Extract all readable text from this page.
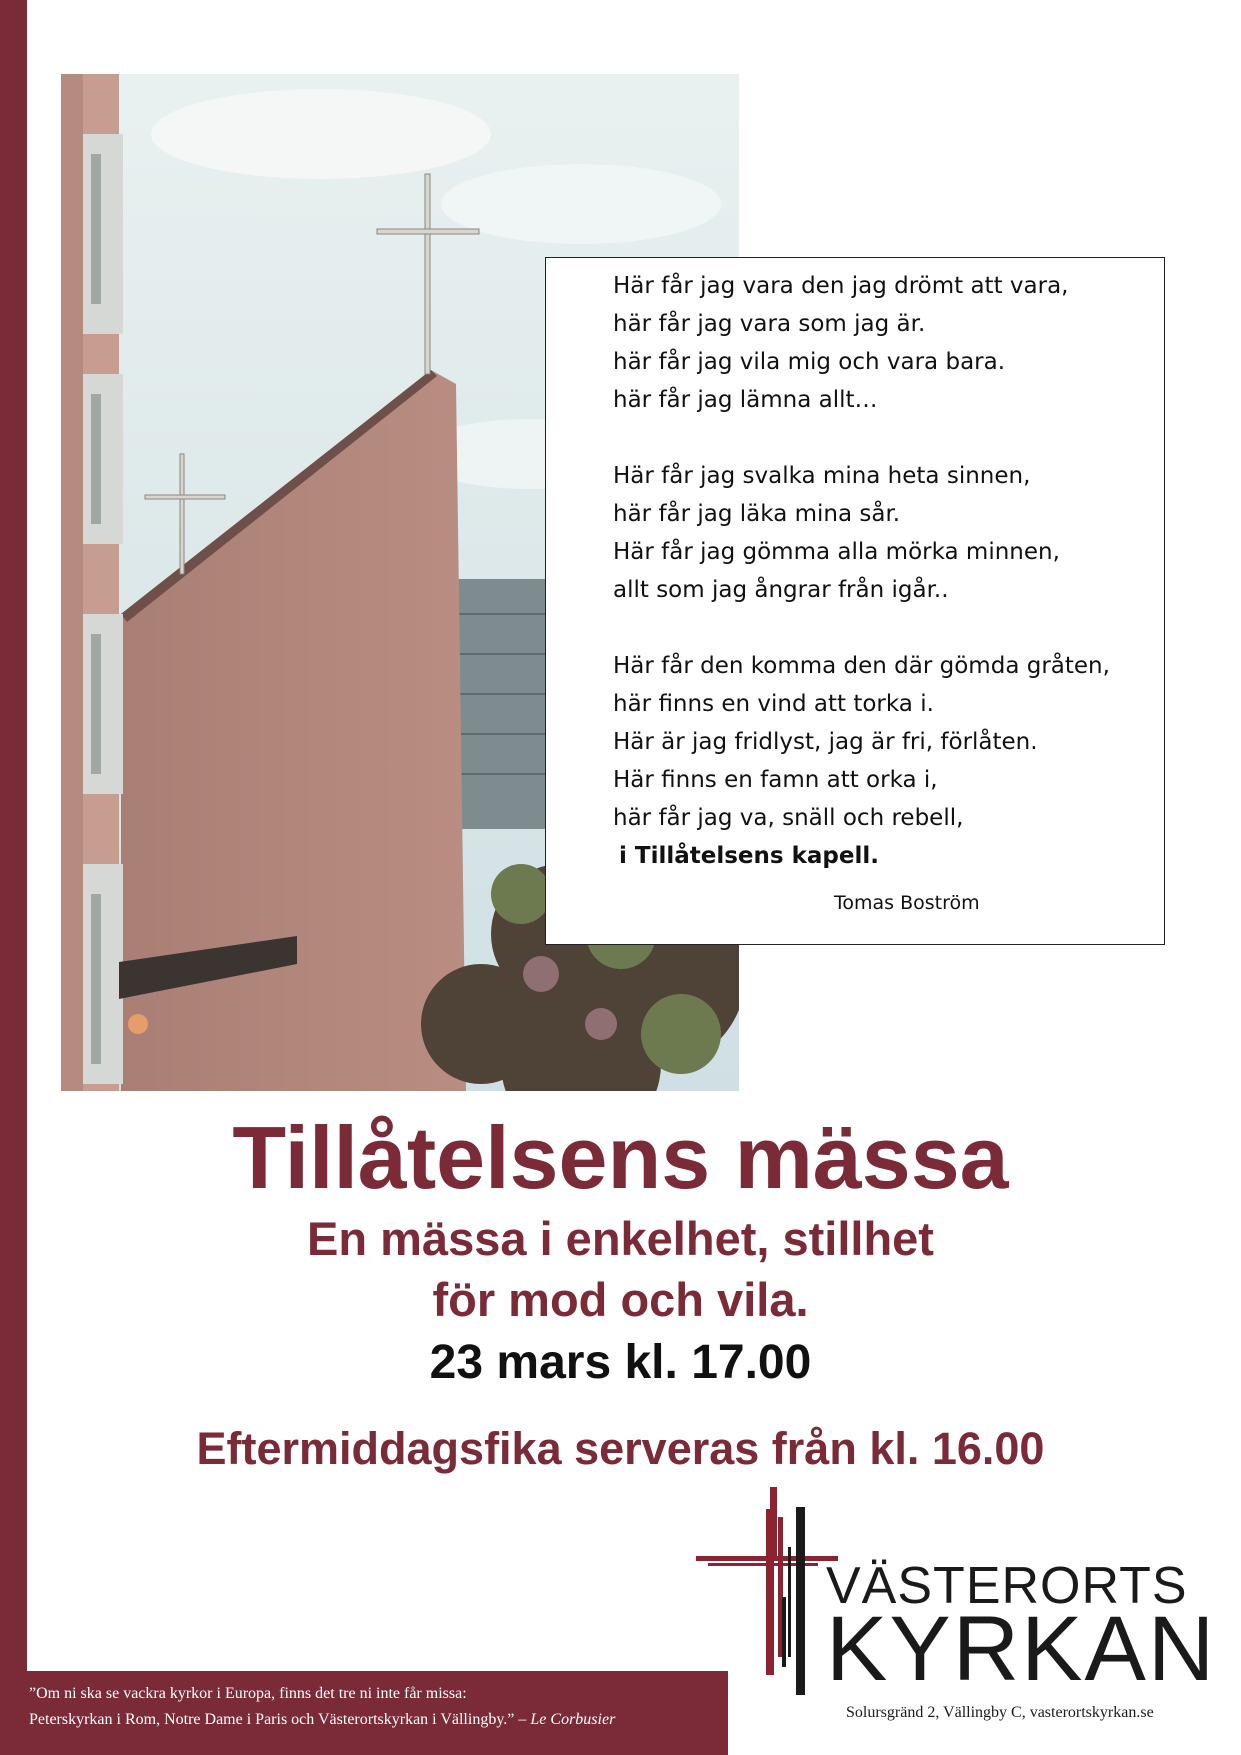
Här får jag vara den jag drömt att vara,
här får jag vara som jag är.
här får jag vila mig och vara bara.
här får jag lämna allt…
Här får jag svalka mina heta sinnen,
här får jag läka mina sår.
Här får jag gömma alla mörka minnen,
allt som jag ångrar från igår..
Här får den komma den där gömda gråten,
här finns en vind att torka i.
Här är jag fridlyst, jag är fri, förlåten.
Här finns en famn att orka i,
här får jag va, snäll och rebell,
i Tillåtelsens kapell.
Tomas Boström
Tillåtelsens mässa
En mässa i enkelhet, stillhet
för mod och vila.
23 mars kl. 17.00
Eftermiddagsfika serveras från kl. 16.00
VÄSTERORTS
KYRKAN
Solursgränd 2, Vällingby C, vasterortskyrkan.se
”Om ni ska se vackra kyrkor i Europa, finns det tre ni inte får missa:
Peterskyrkan i Rom, Notre Dame i Paris och Västerortskyrkan i Vällingby.” – Le Corbusier
